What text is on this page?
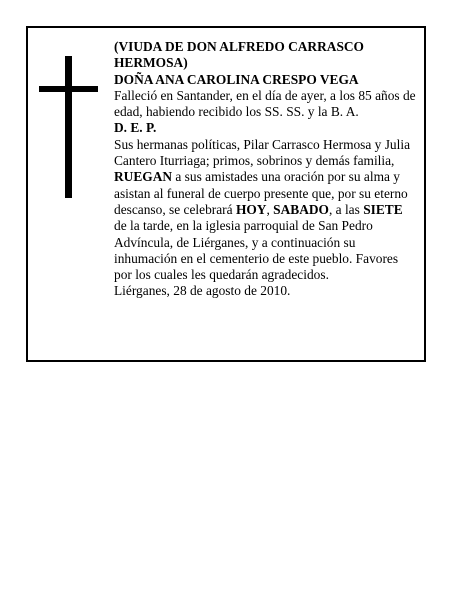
(VIUDA DE DON ALFREDO CARRASCO
HERMOSA)

DOÑA ANA CAROLINA CRESPO VEGA

Falleció en Santander, en el día de ayer, a los 85 años de edad, habiendo recibido los SS. SS. y la B. A.

D. E. P.

Sus hermanas políticas, Pilar Carrasco Hermosa y Julia Cantero Iturriaga; primos, sobrinos y demás familia, RUEGAN a sus amistades una oración por su alma y asistan al funeral de cuerpo presente que, por su eterno descanso, se celebrará HOY, SABADO, a las SIETE de la tarde, en la iglesia parroquial de San Pedro Advíncula, de Liérganes, y a continuación su inhumación en el cementerio de este pueblo. Favores por los cuales les quedarán agradecidos.

Liérganes, 28 de agosto de 2010.
